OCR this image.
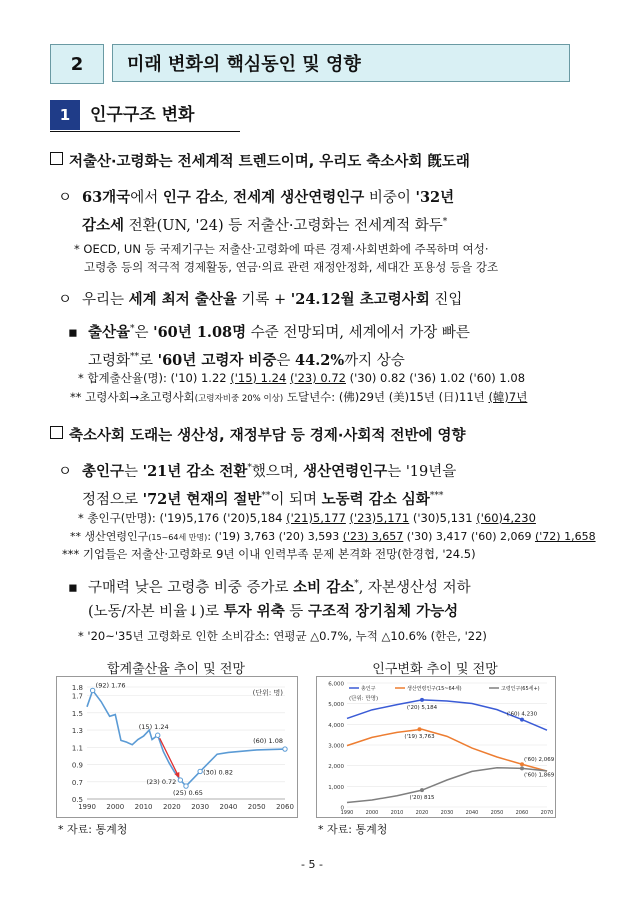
2	미래 변화의 핵심동인 및 영향
1	인구구조 변화
저출산·고령화는 전세계적 트렌드이며, 우리도 축소사회 旣도래
ㅇ 63개국에서 인구 감소, 전세계 생산연령인구 비중이 '32년
감소세 전환(UN, '24) 등 저출산·고령화는 전세계적 화두*
* OECD, UN 등 국제기구는 저출산·고령화에 따른 경제·사회변화에 주목하며 여성·
고령층 등의 적극적 경제활동, 연금·의료 관련 재정안정화, 세대간 포용성 등을 강조
ㅇ 우리는 세계 최저 출산율 기록 + '24.12월 초고령사회 진입
▪ 출산율*은 '60년 1.08명 수준 전망되며, 세계에서 가장 빠른
고령화**로 '60년 고령자 비중은 44.2%까지 상승
* 합계출산율(명): ('10) 1.22 ('15) 1.24 ('23) 0.72 ('30) 0.82 ('36) 1.02 ('60) 1.08
** 고령사회→초고령사회(고령자비중 20% 이상) 도달년수: (佛)29년 (美)15년 (日)11년 (韓)7년
축소사회 도래는 생산성, 재정부담 등 경제·사회적 전반에 영향
ㅇ 총인구는 '21년 감소 전환*했으며, 생산연령인구는 '19년을
정점으로 '72년 현재의 절반**이 되며 노동력 감소 심화***
* 총인구(만명): ('19)5,176 ('20)5,184 ('21)5,177 ('23)5,171 ('30)5,131 ('60)4,230
** 생산연령인구(15~64세 만명): ('19) 3,763 ('20) 3,593 ('23) 3,657 ('30) 3,417 ('60) 2,069 ('72) 1,658
*** 기업들은 저출산·고령화로 9년 이내 인력부족 문제 본격화 전망(한경협, '24.5)
▪ 구매력 낮은 고령층 비중 증가로 소비 감소*, 자본생산성 저하
(노동/자본 비율↓)로 투자 위축 등 구조적 장기침체 가능성
* '20~'35년 고령화로 인한 소비감소: 연평균 △0.7%, 누적 △10.6% (한은, '22)
합계출산율 추이 및 전망
1.8
1.7
1.5
1.3
1.1
0.9
0.7
0.5
1990 2000 2010 2020 2030 2040 2050 2060
(92) 1.76
(15) 1.24
(23) 0.72
(25) 0.65
(30) 0.82
(60) 1.08
(단위: 명)
* 자료: 통계청
인구변화 추이 및 전망
6,000
5,000
4,000
3,000
2,000
1,000
0
1990 2000 2010 2020 2030 2040 2050 2060 2070
총인구	생산연령인구(15~64세)	고령인구(65세+)
(단위: 만명)
('20) 5,184
('60) 4,230
('19) 3,763
('60) 2,069
('60) 1,869
('20) 815
* 자료: 통계청
- 5 -
